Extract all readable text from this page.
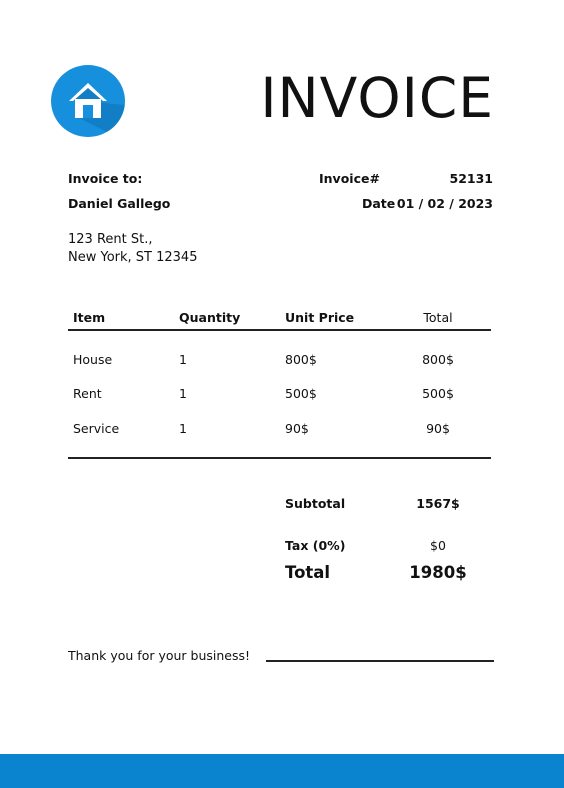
INVOICE
Invoice to:
Daniel Gallego
123 Rent St.,
New York, ST 12345
Invoice#	52131
Date 01 / 02 / 2023
Item	Quantity	Unit Price	Total
House	1	800$	800$
Rent	1	500$	500$
Service	1	90$	90$
Subtotal	1567$
Tax (0%)	$0
Total	1980$
Thank you for your business!
